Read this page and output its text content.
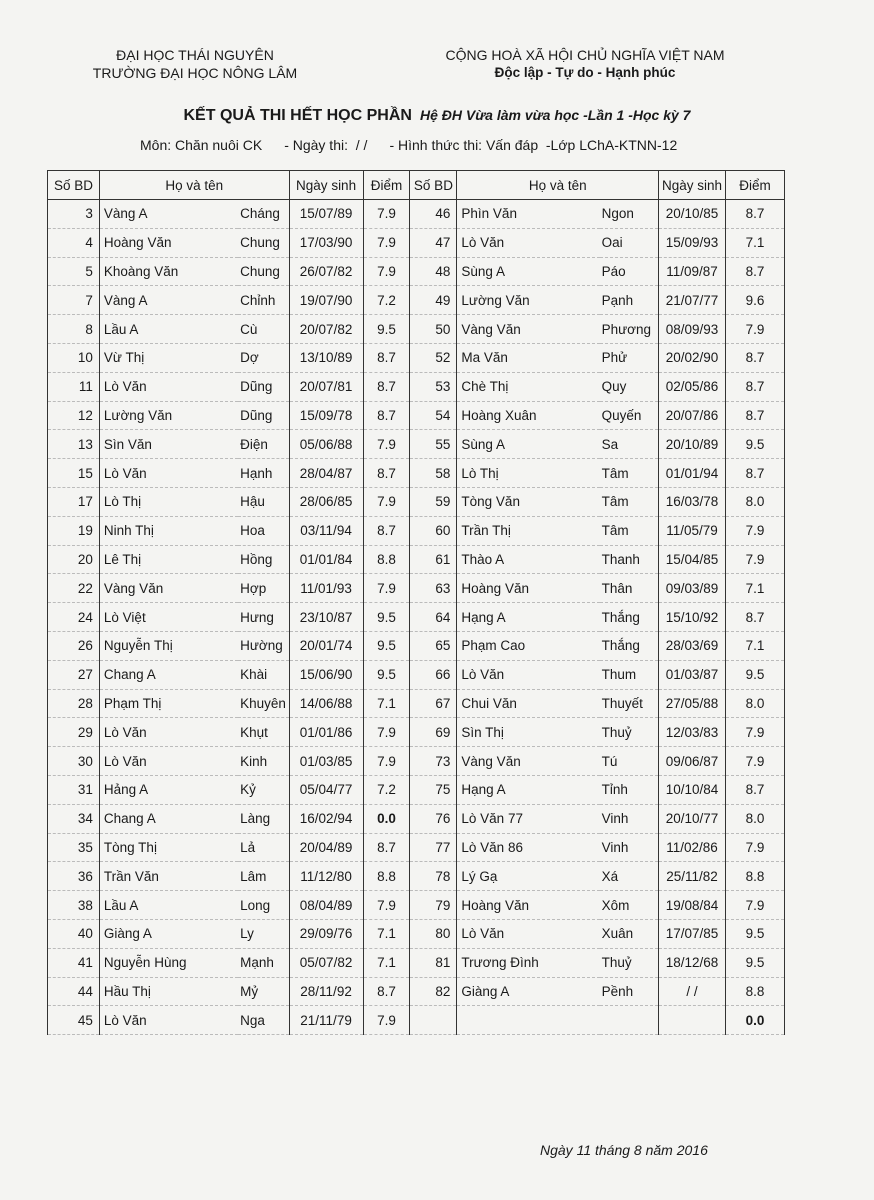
ĐẠI HỌC THÁI NGUYÊN
TRƯỜNG ĐẠI HỌC NÔNG LÂM
CỘNG HOÀ XÃ HỘI CHỦ NGHĨA VIỆT NAM
Độc lập - Tự do - Hạnh phúc
KẾT QUẢ THI HẾT HỌC PHẦN Hệ ĐH Vừa làm vừa học -Lần 1 -Học kỳ 7
Môn: Chăn nuôi CK - Ngày thi:  / / - Hình thức thi: Vấn đáp  -Lớp LChA-KTNN-12
Số BD	Họ và tên		Ngày sinh	Điểm	Số BD	Họ và tên		Ngày sinh	Điểm
3	Vàng A	Cháng	15/07/89	7.9	46	Phìn Văn	Ngon	20/10/85	8.7
4	Hoàng Văn	Chung	17/03/90	7.9	47	Lò Văn	Oai	15/09/93	7.1
5	Khoàng Văn	Chung	26/07/82	7.9	48	Sùng A	Páo	11/09/87	8.7
7	Vàng A	Chỉnh	19/07/90	7.2	49	Lường Văn	Pạnh	21/07/77	9.6
8	Lầu A	Cù	20/07/82	9.5	50	Vàng Văn	Phương	08/09/93	7.9
10	Vừ Thị	Dợ	13/10/89	8.7	52	Ma Văn	Phử	20/02/90	8.7
11	Lò Văn	Dũng	20/07/81	8.7	53	Chè Thị	Quy	02/05/86	8.7
12	Lường Văn	Dũng	15/09/78	8.7	54	Hoàng Xuân	Quyến	20/07/86	8.7
13	Sìn Văn	Điện	05/06/88	7.9	55	Sùng A	Sa	20/10/89	9.5
15	Lò Văn	Hạnh	28/04/87	8.7	58	Lò Thị	Tâm	01/01/94	8.7
17	Lò Thị	Hậu	28/06/85	7.9	59	Tòng Văn	Tâm	16/03/78	8.0
19	Ninh Thị	Hoa	03/11/94	8.7	60	Trần Thị	Tâm	11/05/79	7.9
20	Lê Thị	Hồng	01/01/84	8.8	61	Thào A	Thanh	15/04/85	7.9
22	Vàng Văn	Hợp	11/01/93	7.9	63	Hoàng Văn	Thân	09/03/89	7.1
24	Lò Việt	Hưng	23/10/87	9.5	64	Hạng A	Thắng	15/10/92	8.7
26	Nguyễn Thị	Hường	20/01/74	9.5	65	Phạm Cao	Thắng	28/03/69	7.1
27	Chang A	Khài	15/06/90	9.5	66	Lò Văn	Thum	01/03/87	9.5
28	Phạm Thị	Khuyên	14/06/88	7.1	67	Chui Văn	Thuyết	27/05/88	8.0
29	Lò Văn	Khụt	01/01/86	7.9	69	Sìn Thị	Thuỷ	12/03/83	7.9
30	Lò Văn	Kinh	01/03/85	7.9	73	Vàng Văn	Tú	09/06/87	7.9
31	Hảng A	Kỷ	05/04/77	7.2	75	Hạng A	Tỉnh	10/10/84	8.7
34	Chang A	Làng	16/02/94	0.0	76	Lò Văn 77	Vinh	20/10/77	8.0
35	Tòng Thị	Lả	20/04/89	8.7	77	Lò Văn 86	Vinh	11/02/86	7.9
36	Trần Văn	Lâm	11/12/80	8.8	78	Lý Gạ	Xá	25/11/82	8.8
38	Lầu A	Long	08/04/89	7.9	79	Hoàng Văn	Xôm	19/08/84	7.9
40	Giàng A	Ly	29/09/76	7.1	80	Lò Văn	Xuân	17/07/85	9.5
41	Nguyễn Hùng	Mạnh	05/07/82	7.1	81	Trương Đình	Thuỷ	18/12/68	9.5
44	Hầu Thị	Mỷ	28/11/92	8.7	82	Giàng A	Pềnh	/ /	8.8
45	Lò Văn	Nga	21/11/79	7.9					0.0
Ngày 11 tháng 8 năm 2016
